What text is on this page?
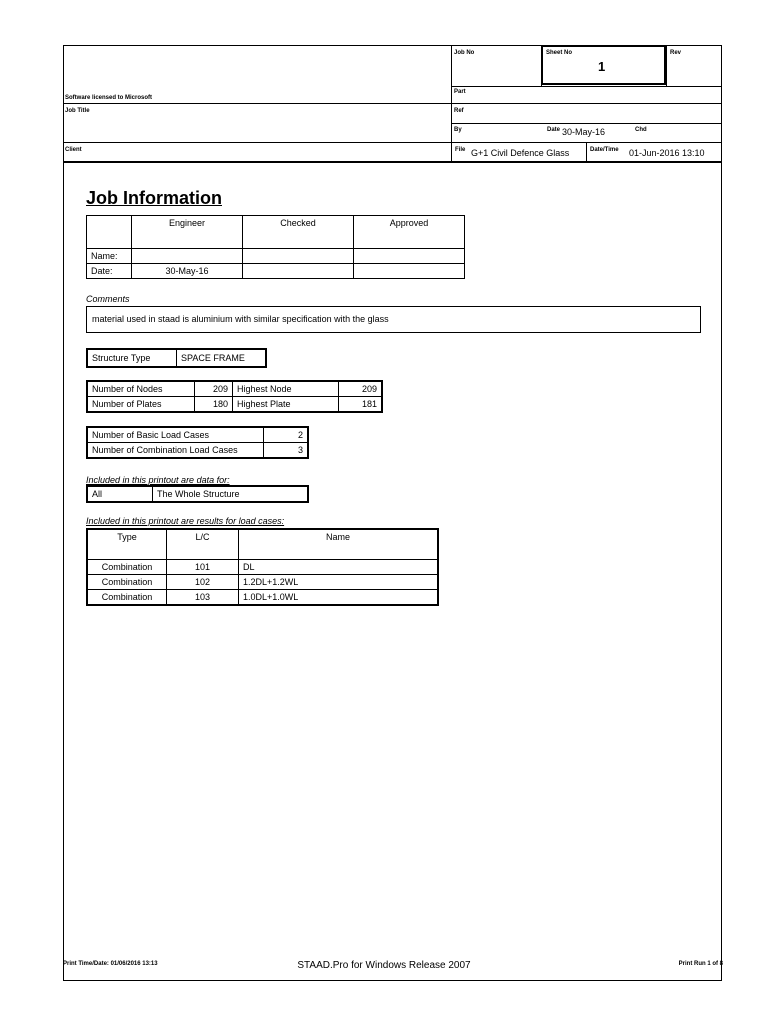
Job No	Sheet No
1
Rev
Software licensed to Microsoft
Part
Job Title	Ref
By	Date 30-May-16	Chd
Client	File G+1 Civil Defence Glass	Date/Time 01-Jun-2016 13:10
Job Information
	Engineer	Checked	Approved
Name:			
Date:	30-May-16		
Comments
material used in staad is aluminium with similar specification with the glass
Structure Type	SPACE FRAME
Number of Nodes	209	Highest Node	209
Number of Plates	180	Highest Plate	181
Number of Basic Load Cases	2
Number of Combination Load Cases	3
Included in this printout are data for:
All	The Whole Structure
Included in this printout are results for load cases:
Type	L/C	Name
Combination	101	DL
Combination	102	1.2DL+1.2WL
Combination	103	1.0DL+1.0WL
Print Time/Date: 01/06/2016 13:13	STAAD.Pro for Windows Release 2007	Print Run 1 of 8
